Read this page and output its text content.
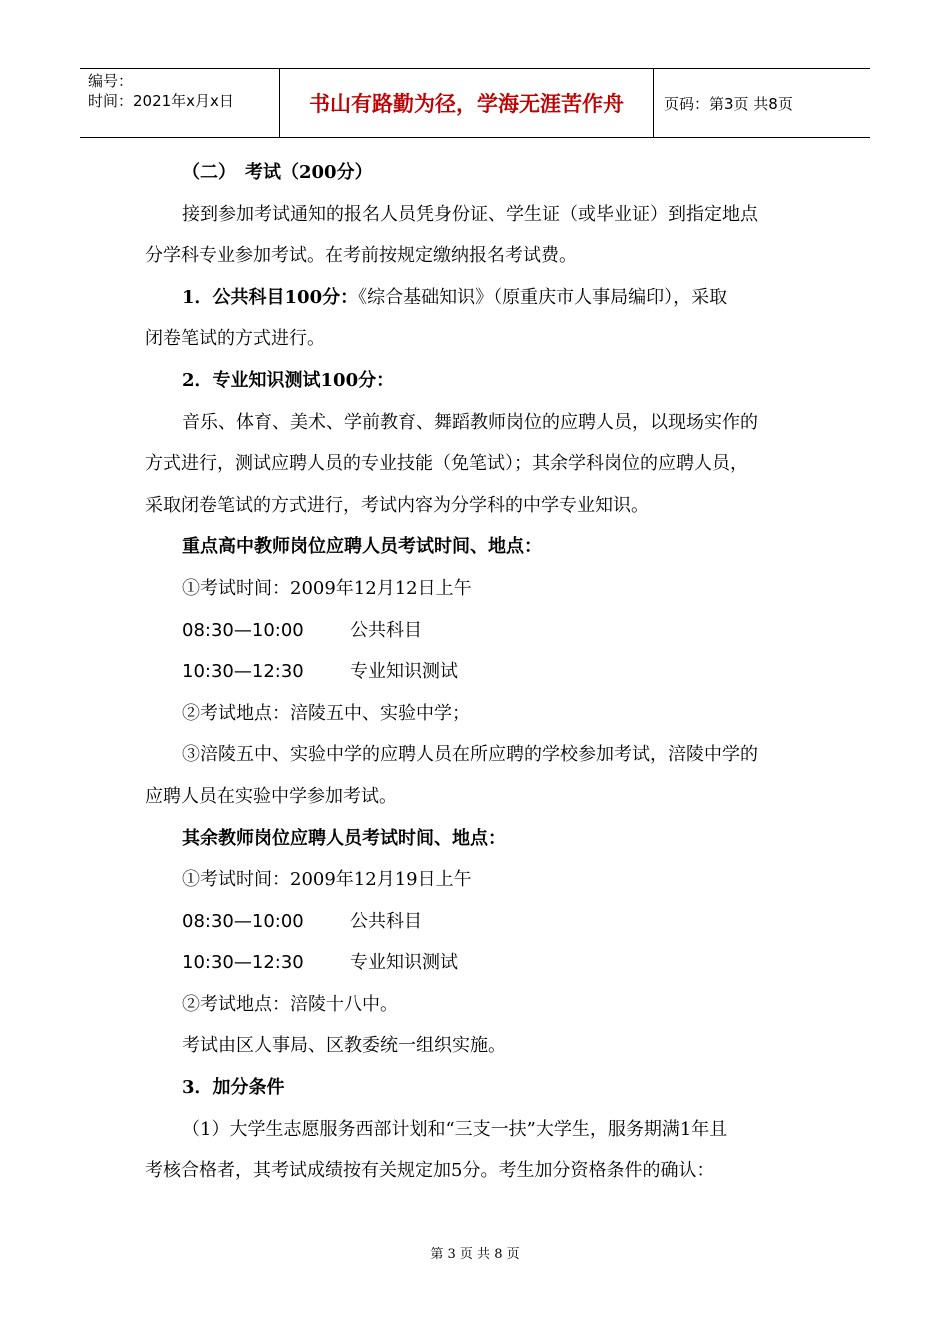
编号：
时间：2021年x月x日	书山有路勤为径，学海无涯苦作舟	页码：第3页 共8页
（二）　考试（200分）
接到参加考试通知的报名人员凭身份证、学生证（或毕业证）到指定地点
分学科专业参加考试。在考前按规定缴纳报名考试费。
1．公共科目100分：《综合基础知识》（原重庆市人事局编印），采取
闭卷笔试的方式进行。
2．专业知识测试100分：
音乐、体育、美术、学前教育、舞蹈教师岗位的应聘人员，以现场实作的
方式进行，测试应聘人员的专业技能（免笔试）；其余学科岗位的应聘人员，
采取闭卷笔试的方式进行，考试内容为分学科的中学专业知识。
重点高中教师岗位应聘人员考试时间、地点：
①考试时间：2009年12月12日上午
08:30—10:00	公共科目
10:30—12:30	专业知识测试
②考试地点：涪陵五中、实验中学；
③涪陵五中、实验中学的应聘人员在所应聘的学校参加考试，涪陵中学的
应聘人员在实验中学参加考试。
其余教师岗位应聘人员考试时间、地点：
①考试时间：2009年12月19日上午
08:30—10:00	公共科目
10:30—12:30	专业知识测试
②考试地点：涪陵十八中。
考试由区人事局、区教委统一组织实施。
3．加分条件
（1）大学生志愿服务西部计划和“三支一扶”大学生，服务期满1年且
考核合格者，其考试成绩按有关规定加5分。考生加分资格条件的确认：
第 3 页 共 8 页
